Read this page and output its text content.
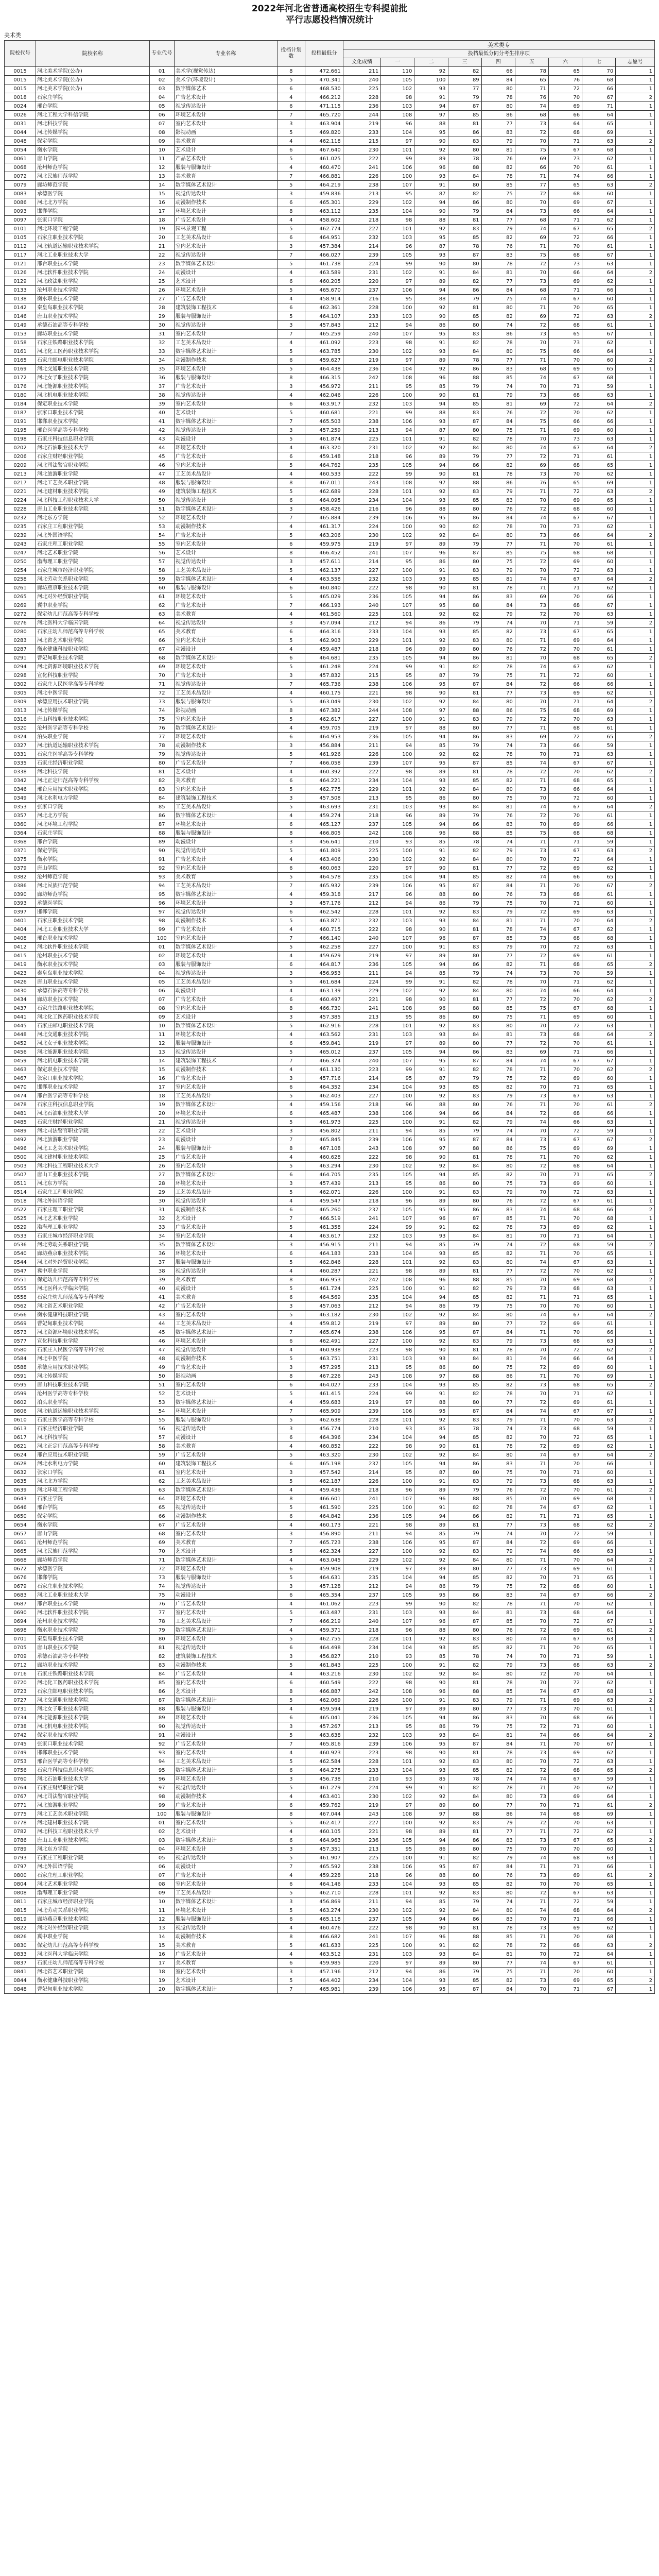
2022年河北省普通高校招生专科提前批
平行志愿投档情况统计
美术类
院校代号	院校名称	专业代号	专业名称	投档计划数	投档最低分	美术类专								
						投档最低分同分考生排序项								
						文化成绩	一	二	三	四	五	六	七	志愿号
0015	河北美术学院(公办)	01	美术学(视觉传达)	8	472.661	211	110	92	82	66	78	65	70	1
0015	河北美术学院(公办)	02	美术学(环境设计)	5	470.341	240	105	100	89	84	65	76	68	1
0015	河北美术学院(公办)	03	数字媒体艺术	6	468.530	225	102	93	77	80	71	72	66	1
0018	石家庄学院	04	广告艺术设计	4	466.212	228	98	91	79	78	76	70	67	2
0024	邢台学院	05	视觉传达设计	6	471.115	236	103	94	87	80	74	69	71	1
0026	河北工程大学科信学院	06	环境艺术设计	7	465.720	244	108	97	85	86	68	66	64	1
0031	河北科技学院	07	室内艺术设计	3	463.904	219	96	88	81	77	73	64	65	1
0044	河北传媒学院	08	影视动画	5	469.820	233	104	95	86	83	72	68	69	1
0048	保定学院	09	美术教育	4	462.118	215	97	90	83	79	70	71	63	2
0054	衡水学院	10	艺术设计	6	467.640	230	101	92	80	81	75	67	68	1
0061	唐山学院	11	产品艺术设计	5	461.025	222	99	89	78	76	69	73	62	1
0068	沧州师范学院	12	服装与服饰设计	4	460.470	241	106	96	88	82	66	70	61	1
0072	河北民族师范学院	13	美术教育	7	466.881	226	100	93	84	78	71	74	66	1
0079	廊坊师范学院	14	数字媒体艺术设计	5	464.219	238	107	91	80	85	77	65	63	2
0083	承德医学院	15	视觉传达设计	3	459.836	213	95	87	82	75	72	68	60	1
0086	河北北方学院	16	动漫制作技术	6	465.301	229	102	94	86	80	70	69	67	1
0093	邯郸学院	17	环境艺术设计	8	463.112	235	104	90	79	84	73	66	64	1
0097	张家口学院	18	广告艺术设计	4	458.602	218	98	88	81	77	68	71	62	1
0101	河北环境工程学院	19	园林景观工程	5	462.774	227	101	92	83	79	74	67	65	2
0105	石家庄职业技术学院	20	工艺美术品设计	6	464.951	232	103	95	85	82	69	72	66	1
0112	河北轨道运输职业技术学院	21	室内艺术设计	3	457.384	214	96	87	78	76	71	70	61	1
0117	河北工业职业技术大学	22	视觉传达设计	7	466.027	239	105	93	87	83	75	68	67	1
0121	邢台职业技术学院	23	数字媒体艺术设计	5	461.738	224	99	90	80	78	72	73	63	1
0126	河北软件职业技术学院	24	动漫设计	4	463.589	231	102	91	84	81	70	66	64	2
0129	河北政法职业学院	25	艺术设计	6	460.205	220	97	89	82	77	73	69	62	1
0133	沧州职业技术学院	26	环境艺术设计	5	465.670	237	106	94	86	84	68	71	66	1
0138	衡水职业技术学院	27	广告艺术设计	4	458.914	216	95	88	79	75	74	67	60	1
0142	秦皇岛职业技术学院	28	建筑装饰工程技术	6	462.361	228	100	92	81	80	71	70	65	1
0146	唐山职业技术学院	29	服装与服饰设计	5	464.107	233	103	90	85	82	69	72	63	2
0149	承德石油高等专科学校	30	视觉传达设计	3	457.843	212	94	86	80	74	72	68	61	1
0153	廊坊职业技术学院	31	室内艺术设计	7	465.259	240	107	95	83	86	73	65	67	1
0158	石家庄铁路职业技术学院	32	工艺美术品设计	4	461.092	223	98	91	82	78	70	73	62	1
0161	河北化工医药职业技术学院	33	数字媒体艺术设计	5	463.785	230	102	93	84	80	75	66	64	1
0165	石家庄邮电职业技术学院	34	动漫制作技术	6	459.627	219	97	89	78	77	71	70	60	2
0169	河北交通职业技术学院	35	环境艺术设计	5	464.438	236	104	92	86	83	68	69	65	1
0172	河北女子职业技术学院	36	服装与服饰设计	8	466.315	242	108	96	88	85	74	67	68	1
0176	河北能源职业技术学院	37	广告艺术设计	3	456.972	211	95	85	79	74	70	71	59	1
0180	河北机电职业技术学院	38	视觉传达设计	4	462.046	226	100	90	81	79	73	68	63	1
0184	保定职业技术学院	39	室内艺术设计	6	463.917	232	103	94	85	81	69	72	64	2
0187	张家口职业技术学院	40	艺术设计	5	460.681	221	99	88	83	76	72	70	62	1
0191	邯郸职业技术学院	41	数字媒体艺术设计	7	465.503	238	106	93	87	84	75	66	66	1
0195	邢台医学高等专科学校	42	视觉传达设计	3	457.259	213	94	87	80	75	71	69	60	1
0198	石家庄科技信息职业学院	43	动漫设计	5	461.874	225	101	91	82	78	70	73	63	1
0202	河北石油职业技术大学	44	环境艺术设计	4	463.320	231	102	92	84	80	74	67	64	2
0206	石家庄财经职业学院	45	广告艺术设计	6	459.148	218	96	89	79	77	72	71	61	1
0209	河北司法警官职业学院	46	室内艺术设计	5	464.762	235	105	94	86	82	69	68	65	1
0213	河北旅游职业学院	47	工艺美术品设计	4	460.533	222	99	90	81	78	73	70	62	1
0217	河北工艺美术职业学院	48	服装与服饰设计	8	467.011	243	108	97	88	86	76	65	69	1
0221	河北建材职业技术学院	49	建筑装饰工程技术	5	462.689	228	101	92	83	79	71	72	63	2
0224	河北科技工程职业技术大学	50	视觉传达设计	6	464.095	234	104	93	85	83	70	69	65	1
0228	唐山工业职业技术学院	51	数字媒体艺术设计	3	458.426	216	96	88	80	76	72	68	60	1
0232	河北东方学院	52	环境艺术设计	7	465.884	239	106	95	86	84	74	67	67	1
0235	石家庄工程职业学院	53	动漫制作技术	4	461.317	224	100	90	82	78	70	73	62	1
0239	河北外国语学院	54	广告艺术设计	5	463.206	230	102	92	84	80	73	66	64	2
0243	石家庄理工职业学院	55	室内艺术设计	6	459.975	219	97	89	79	77	71	70	61	1
0247	河北艺术职业学院	56	艺术设计	8	466.452	241	107	96	87	85	75	68	68	1
0250	渤海理工职业学院	57	视觉传达设计	3	457.611	214	95	86	80	75	72	69	60	1
0254	石家庄城市经济职业学院	58	工艺美术品设计	5	462.137	227	100	91	83	79	70	72	63	1
0258	河北劳动关系职业学院	59	数字媒体艺术设计	4	463.558	232	103	93	85	81	74	67	64	2
0261	廊坊燕京职业技术学院	60	服装与服饰设计	6	460.840	222	98	90	81	78	71	71	62	1
0265	河北对外经贸职业学院	61	环境艺术设计	5	465.029	236	105	94	86	83	69	70	66	1
0269	冀中职业学院	62	广告艺术设计	7	466.193	240	107	95	88	84	73	68	67	1
0272	保定幼儿师范高等专科学校	63	美术教育	4	461.560	225	101	92	82	79	72	70	63	1
0276	河北医科大学临床学院	64	视觉传达设计	3	457.094	212	94	86	79	74	70	71	59	2
0280	石家庄幼儿师范高等专科学校	65	美术教育	6	464.316	233	104	93	85	82	73	67	65	1
0283	河北省艺术职业学院	66	室内艺术设计	5	462.903	229	101	92	83	80	71	69	64	1
0287	衡水健康科技职业学院	67	动漫设计	4	459.487	218	96	89	80	76	72	70	61	1
0291	曹妃甸职业技术学院	68	数字媒体艺术设计	6	464.681	235	105	94	86	81	70	68	65	2
0294	河北资源环境职业技术学院	69	环境艺术设计	5	461.248	224	99	91	82	78	74	67	62	1
0298	宣化科技职业学院	70	广告艺术设计	3	457.832	215	95	87	79	75	71	72	60	1
0302	石家庄人民医学高等专科学校	71	视觉传达设计	7	465.736	238	106	95	87	84	72	66	66	1
0305	河北中医学院	72	工艺美术品设计	4	460.175	221	98	90	81	77	73	69	62	1
0309	承德应用技术职业学院	73	服装与服饰设计	5	463.049	230	102	92	84	80	70	71	64	2
0313	河北传媒学院	74	影视动画	8	467.382	244	108	97	88	86	75	68	69	1
0316	唐山科技职业技术学院	75	室内艺术设计	5	462.617	227	100	91	83	79	72	70	63	1
0320	沧州医学高等专科学校	76	数字媒体艺术设计	4	459.705	219	97	88	80	77	71	68	61	1
0324	泊头职业学院	77	环境艺术设计	6	464.953	236	105	94	86	83	69	72	65	2
0327	河北轨道运输职业技术学院	78	动漫制作技术	3	456.884	211	94	85	79	74	73	66	59	1
0331	石家庄医学高等专科学校	79	视觉传达设计	5	461.926	226	100	92	82	78	70	71	63	1
0335	石家庄经济职业学院	80	广告艺术设计	7	466.058	239	107	95	87	85	74	67	67	1
0338	河北科技学院	81	艺术设计	4	460.392	222	98	89	81	78	72	70	62	2
0342	河北正定师范高等专科学校	82	美术教育	6	464.221	234	104	93	85	82	71	68	65	1
0346	邢台应用技术职业学院	83	室内艺术设计	5	462.775	229	101	92	84	80	73	66	64	1
0349	河北水利电力学院	84	建筑装饰工程技术	3	457.508	213	95	86	80	75	70	72	60	1
0353	张家口学院	85	工艺美术品设计	5	463.693	231	103	93	84	81	74	67	64	2
0357	河北北方学院	86	数字媒体艺术设计	4	459.274	218	96	89	79	76	72	70	61	1
0360	河北环境工程学院	87	环境艺术设计	6	465.127	237	105	94	86	83	70	69	66	1
0364	石家庄学院	88	服装与服饰设计	8	466.805	242	108	96	88	85	75	68	68	1
0368	邢台学院	89	动漫设计	3	456.641	210	93	85	78	74	71	71	59	1
0371	保定学院	90	视觉传达设计	5	461.809	225	100	91	82	79	73	67	63	2
0375	衡水学院	91	广告艺术设计	4	463.406	230	102	92	84	80	70	72	64	1
0379	唐山学院	92	室内艺术设计	6	460.063	220	97	90	81	77	72	69	62	1
0382	沧州师范学院	93	美术教育	5	464.578	235	104	94	85	82	74	66	65	1
0386	河北民族师范学院	94	工艺美术品设计	7	465.932	239	106	95	87	84	71	70	67	2
0390	廊坊师范学院	95	数字媒体艺术设计	4	459.318	217	96	88	80	76	73	68	61	1
0393	承德医学院	96	环境艺术设计	3	457.176	212	94	86	79	75	70	71	60	1
0397	邯郸学院	97	视觉传达设计	6	462.542	228	101	92	83	79	72	69	63	1
0401	石家庄职业技术学院	98	动漫制作技术	5	463.871	232	103	93	84	81	71	70	64	2
0404	河北工业职业技术大学	99	广告艺术设计	4	460.715	222	98	90	81	78	74	67	62	1
0408	邢台职业技术学院	100	室内艺术设计	7	466.140	240	107	96	87	85	73	68	68	1
0412	河北软件职业技术学院	01	数字媒体艺术设计	5	462.258	227	100	91	83	79	70	72	63	1
0415	沧州职业技术学院	02	环境艺术设计	4	459.629	219	97	89	80	77	72	69	61	1
0419	衡水职业技术学院	03	服装与服饰设计	6	464.817	236	105	94	86	82	71	68	65	2
0423	秦皇岛职业技术学院	04	视觉传达设计	3	456.953	211	94	85	79	74	73	70	59	1
0426	唐山职业技术学院	05	工艺美术品设计	5	461.684	224	99	91	82	78	70	71	62	1
0430	承德石油高等专科学校	06	动漫设计	4	463.139	229	102	92	84	80	74	66	64	1
0434	廊坊职业技术学院	07	广告艺术设计	6	460.497	221	98	90	81	77	72	70	62	2
0437	石家庄铁路职业技术学院	08	室内艺术设计	8	466.730	241	108	96	88	85	75	67	68	1
0441	河北化工医药职业技术学院	09	艺术设计	3	457.385	213	95	86	80	75	71	69	60	1
0445	石家庄邮电职业技术学院	10	数字媒体艺术设计	5	462.916	228	101	92	83	80	70	72	63	1
0448	河北交通职业技术学院	11	环境艺术设计	4	463.562	231	103	93	84	81	73	68	64	2
0452	河北女子职业技术学院	12	服装与服饰设计	6	459.841	219	97	89	80	77	72	70	61	1
0456	河北能源职业技术学院	13	视觉传达设计	5	465.012	237	105	94	86	83	69	71	66	1
0459	河北机电职业技术学院	14	建筑装饰工程技术	7	466.374	240	107	95	87	84	74	67	67	1
0463	保定职业技术学院	15	动漫制作技术	4	461.130	223	99	91	82	78	71	70	62	2
0467	张家口职业技术学院	16	广告艺术设计	3	457.716	214	95	87	79	75	72	69	60	1
0470	邯郸职业技术学院	17	室内艺术设计	6	464.352	234	104	93	85	82	70	71	65	1
0474	邢台医学高等专科学校	18	工艺美术品设计	5	462.403	227	100	92	83	79	73	67	63	1
0478	石家庄科技信息职业学院	19	数字媒体艺术设计	4	459.156	218	96	88	80	76	71	70	61	2
0481	河北石油职业技术大学	20	环境艺术设计	6	465.487	238	106	94	86	84	72	68	66	1
0485	石家庄财经职业学院	21	视觉传达设计	5	461.973	225	100	91	82	79	74	66	63	1
0489	河北司法警官职业学院	22	艺术设计	3	456.802	211	94	85	79	74	70	72	59	1
0492	河北旅游职业学院	23	动漫设计	7	465.845	239	106	95	87	84	73	67	67	2
0496	河北工艺美术职业学院	24	服装与服饰设计	8	467.108	243	108	97	88	86	75	69	69	1
0500	河北建材职业技术学院	25	广告艺术设计	4	460.628	222	98	90	81	78	71	70	62	1
0503	河北科技工程职业技术大学	26	室内艺术设计	5	463.294	230	102	92	84	80	72	68	64	1
0507	唐山工业职业技术学院	27	数字媒体艺术设计	6	464.705	235	105	94	85	82	70	71	65	2
0511	河北东方学院	28	环境艺术设计	3	457.439	213	95	86	80	75	73	69	60	1
0514	石家庄工程职业学院	29	工艺美术品设计	5	462.071	226	100	91	83	79	70	72	63	1
0518	河北外国语学院	30	视觉传达设计	4	459.547	218	96	89	80	76	72	67	61	1
0522	石家庄理工职业学院	31	动漫制作技术	6	465.260	237	105	95	86	83	74	68	66	2
0525	河北艺术职业学院	32	艺术设计	7	466.519	241	107	96	87	85	71	70	68	1
0529	渤海理工职业学院	33	广告艺术设计	5	461.358	224	99	91	82	78	73	69	62	1
0533	石家庄城市经济职业学院	34	室内艺术设计	4	463.617	232	103	93	84	81	70	71	64	1
0536	河北劳动关系职业学院	35	数字媒体艺术设计	3	456.915	211	94	85	79	74	72	68	59	2
0540	廊坊燕京职业技术学院	36	环境艺术设计	6	464.183	233	104	93	85	82	71	70	65	1
0544	河北对外经贸职业学院	37	服装与服饰设计	5	462.846	228	101	92	83	80	74	67	63	1
0547	冀中职业学院	38	视觉传达设计	4	460.287	221	98	89	81	77	72	70	62	1
0551	保定幼儿师范高等专科学校	39	美术教育	8	466.953	242	108	96	88	85	70	69	68	2
0555	河北医科大学临床学院	40	动漫设计	5	461.724	225	100	91	82	79	73	68	63	1
0558	石家庄幼儿师范高等专科学校	41	美术教育	6	464.569	235	104	94	85	82	71	71	65	1
0562	河北省艺术职业学院	42	广告艺术设计	3	457.063	212	94	86	79	75	70	70	60	1
0566	衡水健康科技职业学院	43	室内艺术设计	5	463.182	230	102	92	84	80	74	67	64	2
0569	曹妃甸职业技术学院	44	工艺美术品设计	4	459.812	219	97	89	80	77	72	69	61	1
0573	河北资源环境职业技术学院	45	数字媒体艺术设计	7	465.674	238	106	95	87	84	71	70	66	1
0577	宣化科技职业学院	46	环境艺术设计	6	462.491	227	100	92	83	79	73	68	63	1
0580	石家庄人民医学高等专科学校	47	视觉传达设计	4	460.938	223	98	90	81	78	70	72	62	2
0584	河北中医学院	48	动漫制作技术	5	463.751	231	103	93	84	81	74	66	64	1
0588	承德应用技术职业学院	49	广告艺术设计	3	457.295	213	95	86	80	75	72	69	60	1
0591	河北传媒学院	50	影视动画	8	467.226	243	108	97	88	86	71	70	69	1
0595	唐山科技职业技术学院	51	室内艺术设计	6	464.027	233	104	93	85	82	73	68	65	2
0599	沧州医学高等专科学校	52	艺术设计	5	461.415	224	99	91	82	78	70	71	62	1
0602	泊头职业学院	53	数字媒体艺术设计	4	459.683	219	97	88	80	77	72	69	61	1
0606	河北轨道运输职业技术学院	54	环境艺术设计	7	465.909	239	106	95	87	84	74	67	67	1
0610	石家庄医学高等专科学校	55	服装与服饰设计	5	462.638	228	101	92	83	79	71	70	63	2
0613	石家庄经济职业学院	56	视觉传达设计	3	456.774	210	93	85	78	74	73	68	59	1
0617	河北科技学院	57	动漫设计	6	464.396	234	104	94	85	82	70	72	65	1
0621	河北正定师范高等专科学校	58	美术教育	4	460.852	222	98	90	81	78	72	69	62	1
0624	邢台应用技术职业学院	59	广告艺术设计	5	463.320	230	102	92	84	80	74	67	64	2
0628	河北水利电力学院	60	建筑装饰工程技术	6	465.198	237	105	94	86	83	71	70	66	1
0632	张家口学院	61	室内艺术设计	3	457.542	214	95	87	80	75	70	71	60	1
0635	河北北方学院	62	工艺美术品设计	5	462.187	226	100	91	83	79	73	68	63	1
0639	河北环境工程学院	63	数字媒体艺术设计	4	459.436	218	96	89	79	76	72	70	61	2
0643	石家庄学院	64	环境艺术设计	8	466.601	241	107	96	88	85	70	69	68	1
0646	邢台学院	65	视觉传达设计	5	461.590	225	100	91	82	78	74	67	62	1
0650	保定学院	66	动漫制作技术	6	464.842	236	105	94	86	82	71	71	65	1
0654	衡水学院	67	广告艺术设计	4	460.173	221	98	89	81	77	73	68	62	2
0657	唐山学院	68	室内艺术设计	3	456.890	211	94	85	79	74	70	72	59	1
0661	沧州师范学院	69	美术教育	7	465.723	238	106	95	87	84	72	69	66	1
0665	河北民族师范学院	70	艺术设计	5	462.324	227	100	92	83	79	74	66	63	1
0668	廊坊师范学院	71	数字媒体艺术设计	4	463.045	229	102	92	84	80	71	70	64	2
0672	承德医学院	72	环境艺术设计	6	459.908	219	97	89	80	77	73	69	61	1
0676	邯郸学院	73	服装与服饰设计	5	464.631	235	104	94	85	82	70	71	65	1
0679	石家庄职业技术学院	74	视觉传达设计	3	457.128	212	94	86	79	75	72	68	60	1
0683	河北工业职业技术大学	75	动漫设计	6	465.354	237	105	95	86	83	74	67	66	2
0687	邢台职业技术学院	76	广告艺术设计	4	461.062	223	99	90	82	78	71	70	62	1
0690	河北软件职业技术学院	77	室内艺术设计	5	463.487	231	103	93	84	81	73	68	64	1
0694	沧州职业技术学院	78	工艺美术品设计	7	466.219	240	107	96	87	85	70	72	67	1
0698	衡水职业技术学院	79	数字媒体艺术设计	4	459.371	218	96	88	80	76	72	69	61	2
0701	秦皇岛职业技术学院	80	环境艺术设计	5	462.755	228	101	92	83	80	74	67	63	1
0705	唐山职业技术学院	81	视觉传达设计	6	464.498	234	104	93	85	82	71	70	65	1
0709	承德石油高等专科学校	82	建筑装饰工程技术	3	456.827	210	93	85	78	74	70	71	59	1
0712	廊坊职业技术学院	83	动漫制作技术	5	461.843	225	100	91	82	79	73	68	63	2
0716	石家庄铁路职业技术学院	84	广告艺术设计	4	463.216	230	102	92	84	80	72	70	64	1
0720	河北化工医药职业技术学院	85	室内艺术设计	6	460.549	222	98	90	81	78	70	72	62	1
0723	石家庄邮电职业技术学院	86	艺术设计	8	466.887	242	108	96	88	85	74	67	68	1
0727	河北交通职业技术学院	87	数字媒体艺术设计	5	462.069	226	100	91	83	79	71	69	63	2
0731	河北女子职业技术学院	88	服装与服饰设计	4	459.594	219	97	89	80	77	73	70	61	1
0734	河北能源职业技术学院	89	环境艺术设计	6	465.041	236	105	94	86	83	70	68	66	1
0738	河北机电职业技术学院	90	视觉传达设计	3	457.267	213	95	86	79	75	72	71	60	1
0742	保定职业技术学院	91	动漫设计	5	463.638	232	103	93	84	81	74	66	64	2
0745	张家口职业技术学院	92	广告艺术设计	7	465.816	239	106	95	87	84	71	70	67	1
0749	邯郸职业技术学院	93	室内艺术设计	4	460.923	223	98	90	81	78	73	69	62	1
0753	邢台医学高等专科学校	94	工艺美术品设计	5	462.584	228	101	92	83	80	70	72	63	1
0756	石家庄科技信息职业学院	95	数字媒体艺术设计	6	464.275	233	104	93	85	82	72	68	65	2
0760	河北石油职业技术大学	96	环境艺术设计	3	456.738	210	93	85	78	74	74	67	59	1
0764	石家庄财经职业学院	97	视觉传达设计	5	461.279	224	99	91	82	78	71	70	62	1
0767	河北司法警官职业学院	98	动漫制作技术	4	463.401	230	102	92	84	80	73	69	64	1
0771	河北旅游职业学院	99	广告艺术设计	6	459.762	219	97	89	80	77	70	71	61	2
0775	河北工艺美术职业学院	100	服装与服饰设计	8	467.044	243	108	97	88	86	74	68	69	1
0778	河北建材职业技术学院	01	室内艺术设计	5	462.417	227	100	92	83	79	72	70	63	1
0782	河北科技工程职业技术大学	02	艺术设计	4	460.105	221	98	89	81	77	71	72	62	1
0786	唐山工业职业技术学院	03	数字媒体艺术设计	6	464.963	236	105	94	86	83	73	67	65	2
0789	河北东方学院	04	环境艺术设计	3	457.351	213	95	86	80	75	70	70	60	1
0793	石家庄工程职业学院	05	视觉传达设计	5	461.907	225	100	91	82	79	74	68	63	1
0797	河北外国语学院	06	动漫设计	7	465.592	238	106	95	87	84	71	71	66	1
0800	石家庄理工职业学院	07	广告艺术设计	4	459.228	218	96	88	80	76	73	69	61	2
0804	河北艺术职业学院	08	室内艺术设计	6	464.146	233	104	93	85	82	70	70	65	1
0808	渤海理工职业学院	09	工艺美术品设计	5	462.710	228	101	92	83	80	72	67	63	1
0811	石家庄城市经济职业学院	10	数字媒体艺术设计	3	456.869	211	94	85	79	74	71	72	59	1
0815	河北劳动关系职业学院	11	环境艺术设计	5	463.274	230	102	92	84	80	74	68	64	2
0819	廊坊燕京职业技术学院	12	服装与服饰设计	6	465.118	237	105	94	86	83	70	71	66	1
0822	河北对外经贸职业学院	13	视觉传达设计	4	460.476	222	98	90	81	78	73	69	62	1
0826	冀中职业学院	14	动漫制作技术	8	466.682	241	107	96	88	85	71	70	68	1
0830	保定幼儿师范高等专科学校	15	美术教育	5	461.633	225	100	91	82	78	72	68	63	2
0833	河北医科大学临床学院	16	广告艺术设计	4	463.512	231	103	93	84	81	70	72	64	1
0837	石家庄幼儿师范高等专科学校	17	美术教育	6	459.985	220	97	89	80	77	74	67	61	1
0841	河北省艺术职业学院	18	室内艺术设计	3	457.196	212	94	86	79	75	71	70	60	1
0844	衡水健康科技职业学院	19	艺术设计	5	464.402	234	104	93	85	82	73	69	65	2
0848	曹妃甸职业技术学院	20	数字媒体艺术设计	7	465.981	239	106	95	87	84	70	71	67	1
